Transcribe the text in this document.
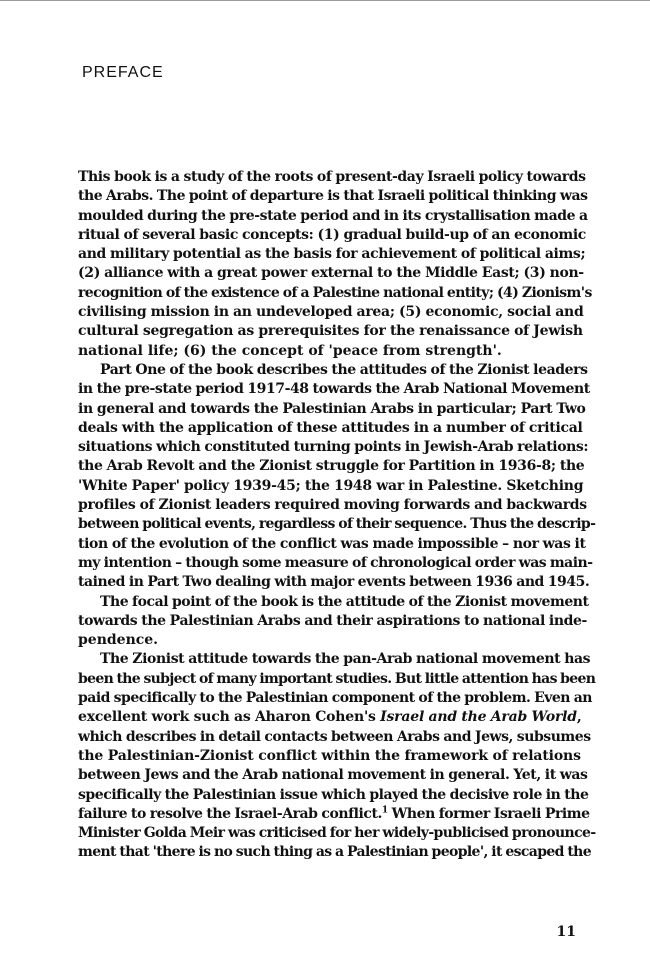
PREFACE

This book is a study of the roots of present-day Israeli policy towards
the Arabs. The point of departure is that Israeli political thinking was
moulded during the pre-state period and in its crystallisation made a
ritual of several basic concepts: (1) gradual build-up of an economic
and military potential as the basis for achievement of political aims;
(2) alliance with a great power external to the Middle East; (3) non-
recognition of the existence of a Palestine national entity; (4) Zionism's
civilising mission in an undeveloped area; (5) economic, social and
cultural segregation as prerequisites for the renaissance of Jewish
national life; (6) the concept of 'peace from strength'.

Part One of the book describes the attitudes of the Zionist leaders
in the pre-state period 1917-48 towards the Arab National Movement
in general and towards the Palestinian Arabs in particular; Part Two
deals with the application of these attitudes in a number of critical
situations which constituted turning points in Jewish-Arab relations:
the Arab Revolt and the Zionist struggle for Partition in 1936-8; the
'White Paper' policy 1939-45; the 1948 war in Palestine. Sketching
profiles of Zionist leaders required moving forwards and backwards
between political events, regardless of their sequence. Thus the descrip-
tion of the evolution of the conflict was made impossible – nor was it
my intention – though some measure of chronological order was main-
tained in Part Two dealing with major events between 1936 and 1945.

The focal point of the book is the attitude of the Zionist movement
towards the Palestinian Arabs and their aspirations to national inde-
pendence.

The Zionist attitude towards the pan-Arab national movement has
been the subject of many important studies. But little attention has been
paid specifically to the Palestinian component of the problem. Even an
excellent work such as Aharon Cohen's Israel and the Arab World,
which describes in detail contacts between Arabs and Jews, subsumes
the Palestinian-Zionist conflict within the framework of relations
between Jews and the Arab national movement in general. Yet, it was
specifically the Palestinian issue which played the decisive role in the
failure to resolve the Israel-Arab conflict.$^1$ When former Israeli Prime
Minister Golda Meir was criticised for her widely-publicised pronounce-
ment that 'there is no such thing as a Palestinian people', it escaped the

11
